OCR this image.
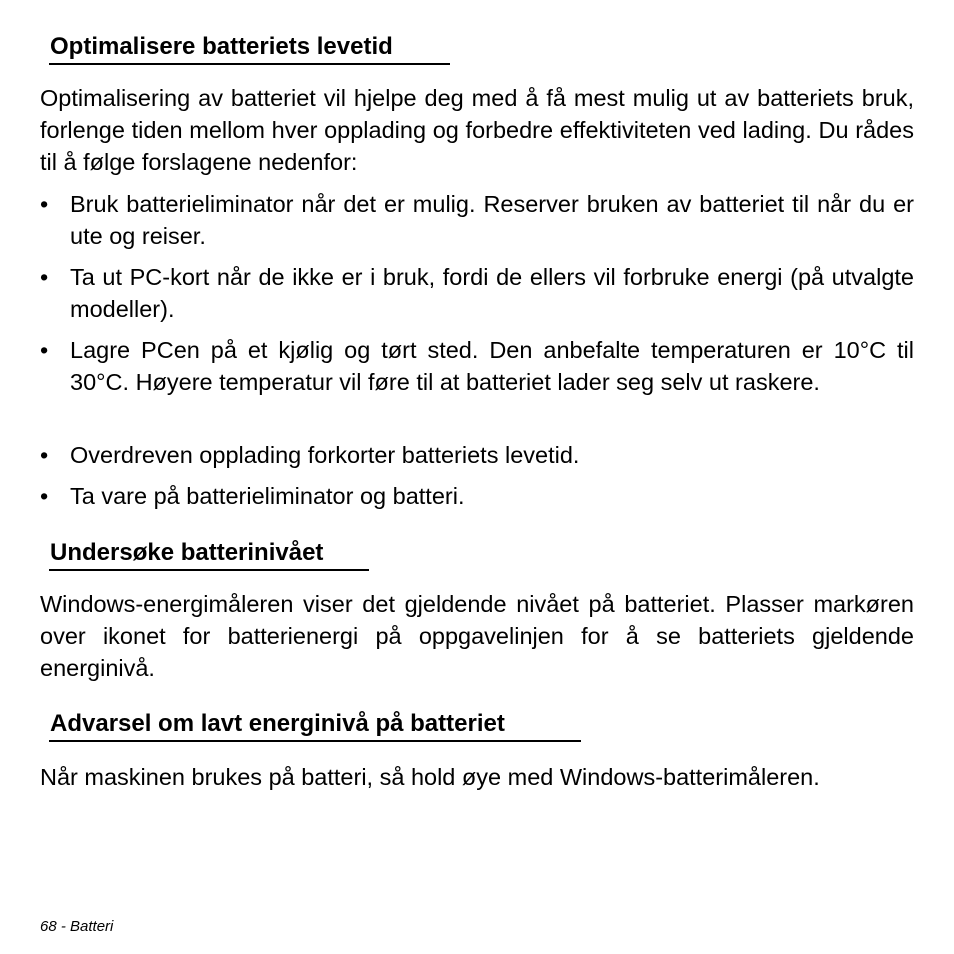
Optimalisere batteriets levetid

Optimalisering av batteriet vil hjelpe deg med å få mest mulig ut av batteriets bruk, forlenge tiden mellom hver opplading og forbedre effektiviteten ved lading. Du rådes til å følge forslagene nedenfor:

• Bruk batterieliminator når det er mulig. Reserver bruken av batteriet til når du er ute og reiser.
• Ta ut PC-kort når de ikke er i bruk, fordi de ellers vil forbruke energi (på utvalgte modeller).
• Lagre PCen på et kjølig og tørt sted. Den anbefalte temperaturen er 10°C til 30°C. Høyere temperatur vil føre til at batteriet lader seg selv ut raskere.
• Overdreven opplading forkorter batteriets levetid.
• Ta vare på batterieliminator og batteri.
Undersøke batterinivået

Windows-energimåleren viser det gjeldende nivået på batteriet. Plasser markøren over ikonet for batterienergi på oppgavelinjen for å se batteriets gjeldende energinivå.

Advarsel om lavt energinivå på batteriet

Når maskinen brukes på batteri, så hold øye med Windows-batterimåleren.

68 - Batteri
